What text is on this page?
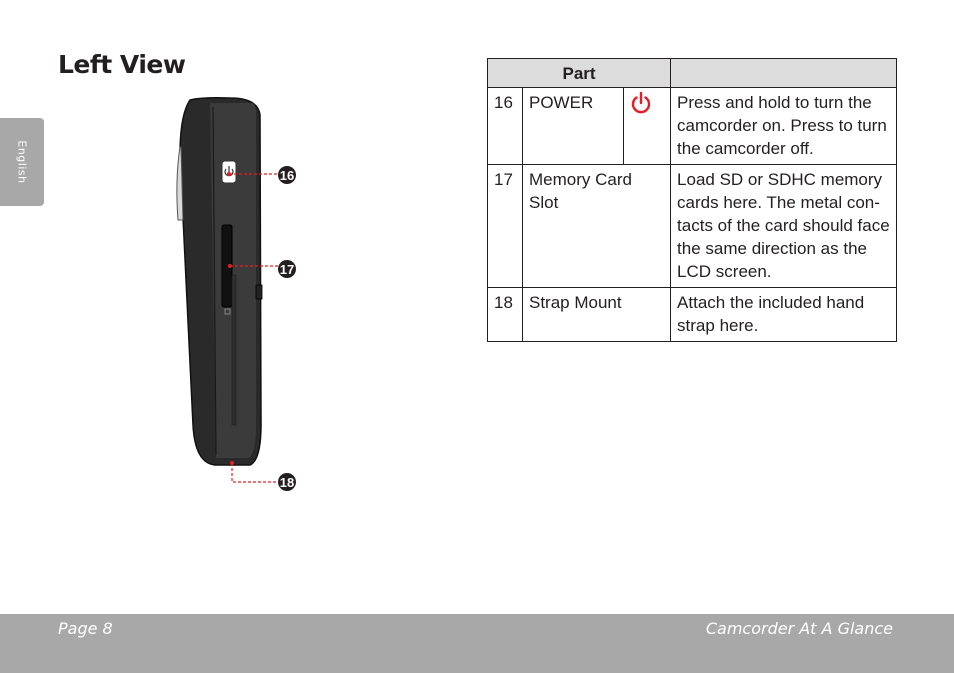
English
Left View
16
17
18
Part			
16	POWER		Press and hold to turn the camcorder on. Press to turn the camcorder off.
17	Memory Card Slot		Load SD or SDHC memory cards here. The metal con-tacts of the card should face the same direction as the LCD screen.
18	Strap Mount		Attach the included hand strap here.
Page 8	Camcorder At A Glance
